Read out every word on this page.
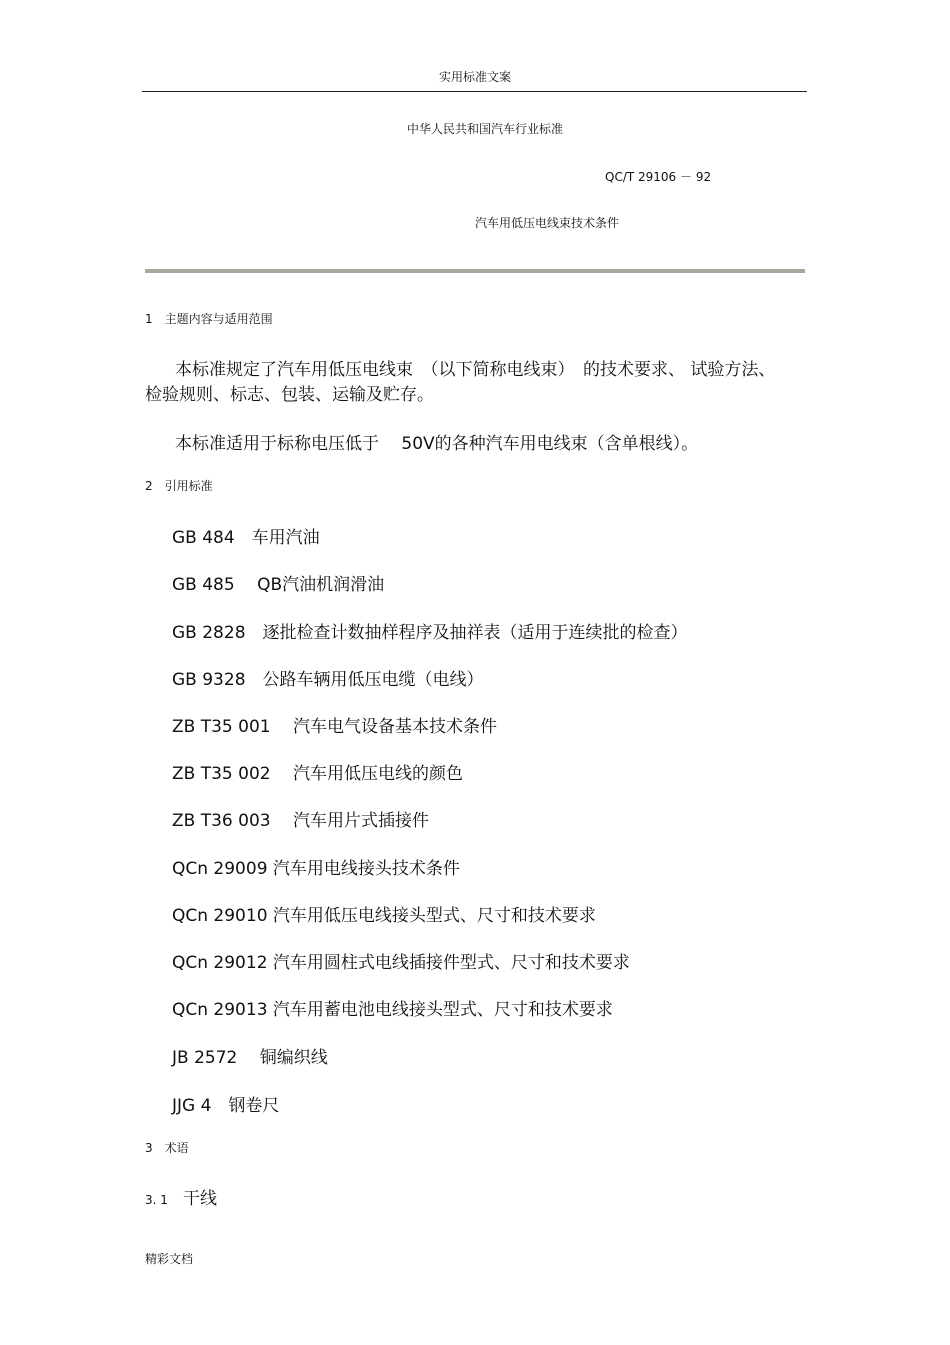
实用标准文案
中华人民共和国汽车行业标准
QC/T 29106 － 92
汽车用低压电线束技术条件
1　主题内容与适用范围
本标准规定了汽车用低压电线束　（以下简称电线束）　的技术要求、 试验方法、
检验规则、标志、包装、运输及贮存。
本标准适用于标称电压低于　 50V的各种汽车用电线束（含单根线）。
2　引用标准
GB 484　 车用汽油
GB 485　 QB汽油机润滑油
GB 2828　 逐批检查计数抽样程序及抽祥表（适用于连续批的检查）
GB 9328　 公路车辆用低压电缆（电线）
ZB T35 001　 汽车电气设备基本技术条件
ZB T35 002　 汽车用低压电线的颜色
ZB T36 003　 汽车用片式插接件
QCn 29009 汽车用电线接头技术条件
QCn 29010 汽车用低压电线接头型式、尺寸和技术要求
QCn 29012 汽车用圆柱式电线插接件型式、尺寸和技术要求
QCn 29013 汽车用蓄电池电线接头型式、尺寸和技术要求
JB 2572　 铜编织线
JJG 4　 钢卷尺
3　术语
3. 1 干线
精彩文档
